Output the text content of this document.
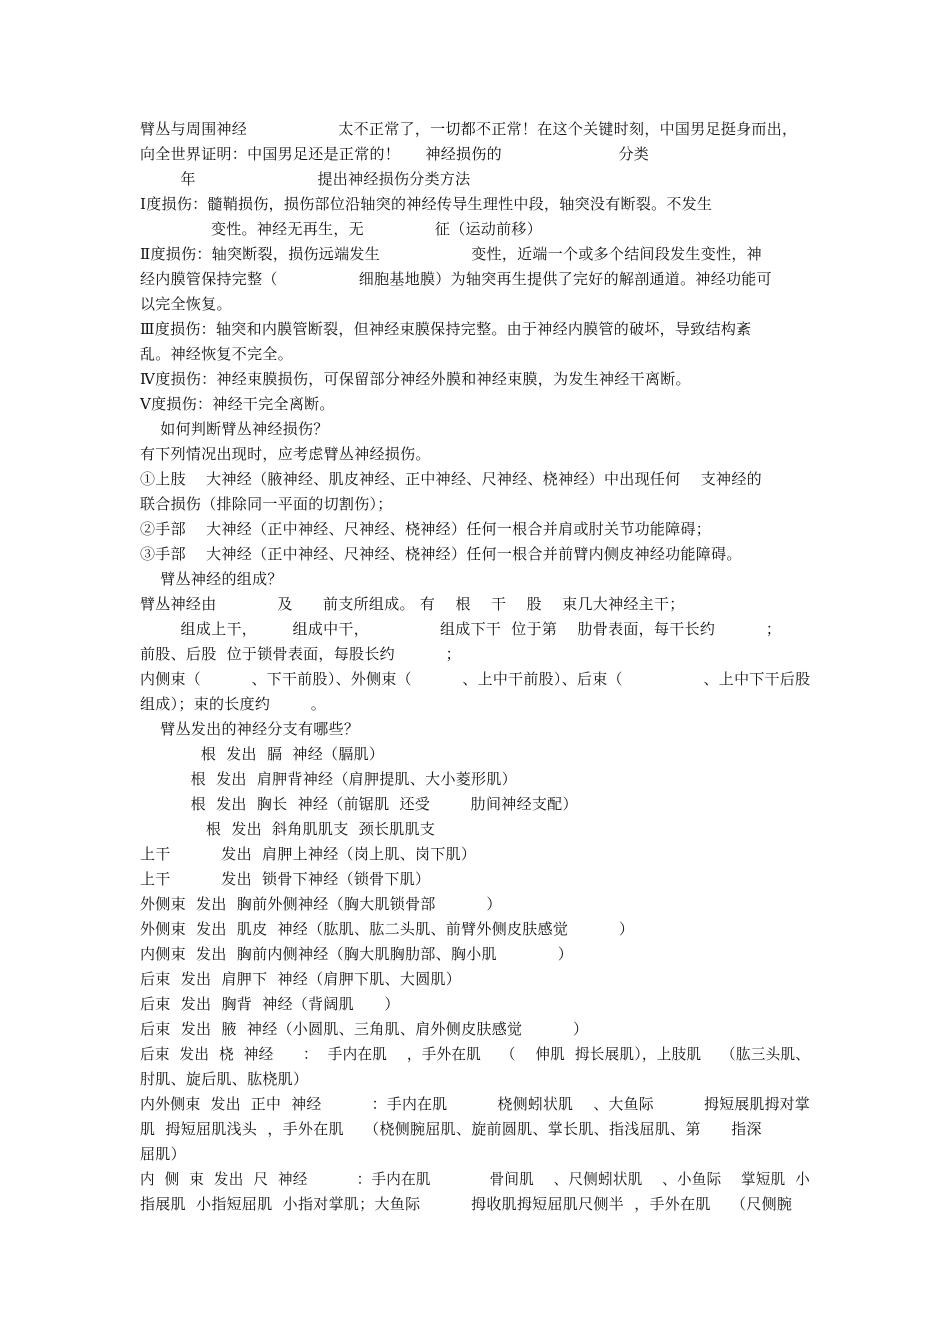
臂丛与周围神经                  太不正常了，一切都不正常！在这个关键时刻，中国男足挺身而出，
向全世界证明：中国男足还是正常的！     神经损伤的                       分类
年                        提出神经损伤分类方法
Ⅰ度损伤：髓鞘损伤，损伤部位沿轴突的神经传导生理性中段，轴突没有断裂。不发生
变性。神经无再生，无              征（运动前移）
Ⅱ度损伤：轴突断裂，损伤远端发生                  变性，近端一个或多个结间段发生变性，神
经内膜管保持完整（                细胞基地膜）为轴突再生提供了完好的解剖通道。神经功能可
以完全恢复。
Ⅲ度损伤：轴突和内膜管断裂，但神经束膜保持完整。由于神经内膜管的破坏，导致结构紊
乱。神经恢复不完全。
Ⅳ度损伤：神经束膜损伤，可保留部分神经外膜和神经束膜，为发生神经干离断。
Ⅴ度损伤：神经干完全离断。
如何判断臂丛神经损伤？
有下列情况出现时，应考虑臂丛神经损伤。
①上肢    大神经（腋神经、肌皮神经、正中神经、尺神经、桡神经）中出现任何    支神经的
联合损伤（排除同一平面的切割伤）；
②手部    大神经（正中神经、尺神经、桡神经）任何一根合并肩或肘关节功能障碍；
③手部    大神经（正中神经、尺神经、桡神经）任何一根合并前臂内侧皮神经功能障碍。
臂丛神经的组成？
臂丛神经由            及      前支所组成。 有    根    干    股    束几大神经主干；
组成上干，       组成中干，              组成下干  位于第    肋骨表面，每干长约          ；
前股、后股  位于锁骨表面，每股长约          ；
内侧束（          、下干前股）、外侧束（          、上中干前股）、后束（                、上中下干后股
组成）；束的长度约        。
臂丛发出的神经分支有哪些？
根  发出  膈  神经（膈肌）
根  发出  肩胛背神经（肩胛提肌、大小菱形肌）
根  发出  胸长  神经（前锯肌  还受        肋间神经支配）
根  发出  斜角肌肌支  颈长肌肌支
上干          发出  肩胛上神经（岗上肌、岗下肌）
上干          发出  锁骨下神经（锁骨下肌）
外侧束  发出  胸前外侧神经（胸大肌锁骨部          ）
外侧束  发出  肌皮  神经（肱肌、肱二头肌、前臂外侧皮肤感觉          ）
内侧束  发出  胸前内侧神经（胸大肌胸肋部、胸小肌            ）
后束  发出  肩胛下  神经（肩胛下肌、大圆肌）
后束  发出  胸背  神经（背阔肌      ）
后束  发出  腋  神经（小圆肌、三角肌、肩外侧皮肤感觉          ）
后束  发出  桡  神经      ：  手内在肌    ，手外在肌    （    伸肌  拇长展肌），上肢肌    （肱三头肌、
肘肌、旋后肌、肱桡肌）
内外侧束  发出  正中  神经          ：手内在肌          桡侧蚓状肌    、大鱼际          拇短展肌拇对掌
肌  拇短屈肌浅头  ，手外在肌    （桡侧腕屈肌、旋前圆肌、掌长肌、指浅屈肌、第      指深
屈肌）
内  侧  束  发出  尺  神经          ：手内在肌            骨间肌    、尺侧蚓状肌    、小鱼际    掌短肌  小
指展肌  小指短屈肌  小指对掌肌；大鱼际          拇收肌拇短屈肌尺侧半  ，手外在肌    （尺侧腕
